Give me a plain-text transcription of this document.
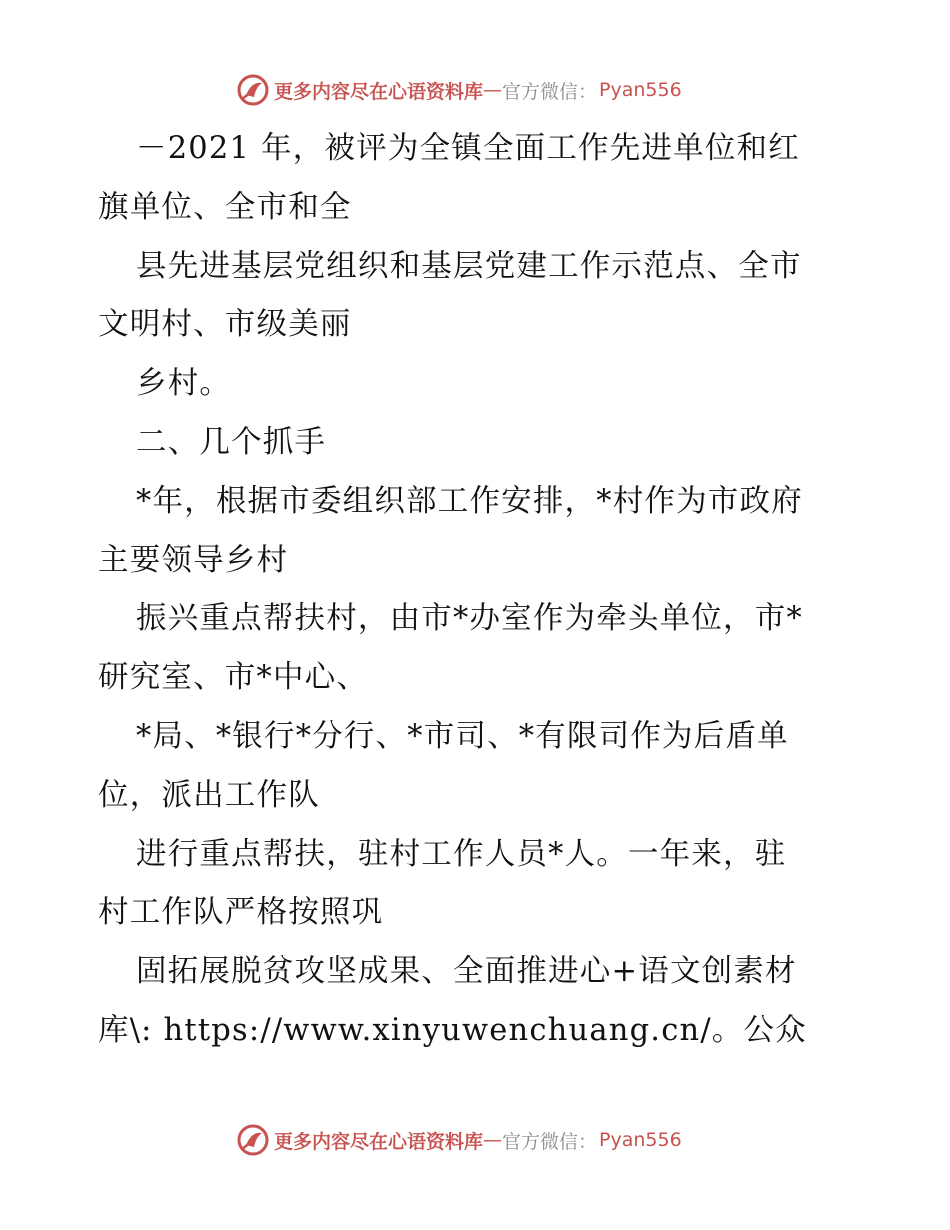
更多内容尽在心语资料库 — 官方微信： Pyan556
－2021 年，被评为全镇全面工作先进单位和红
旗单位、全市和全
县先进基层党组织和基层党建工作示范点、全市
文明村、市级美丽
乡村。
二、几个抓手
*年，根据市委组织部工作安排，*村作为市政府
主要领导乡村
振兴重点帮扶村，由市*办室作为牵头单位，市*
研究室、市*中心、
*局、*银行*分行、*市司、*有限司作为后盾单
位，派出工作队
进行重点帮扶，驻村工作人员*人。一年来，驻
村工作队严格按照巩
固拓展脱贫攻坚成果、全面推进心+语文创素材
库\: https://www.xinyuwenchuang.cn/。公众
更多内容尽在心语资料库 — 官方微信： Pyan556
